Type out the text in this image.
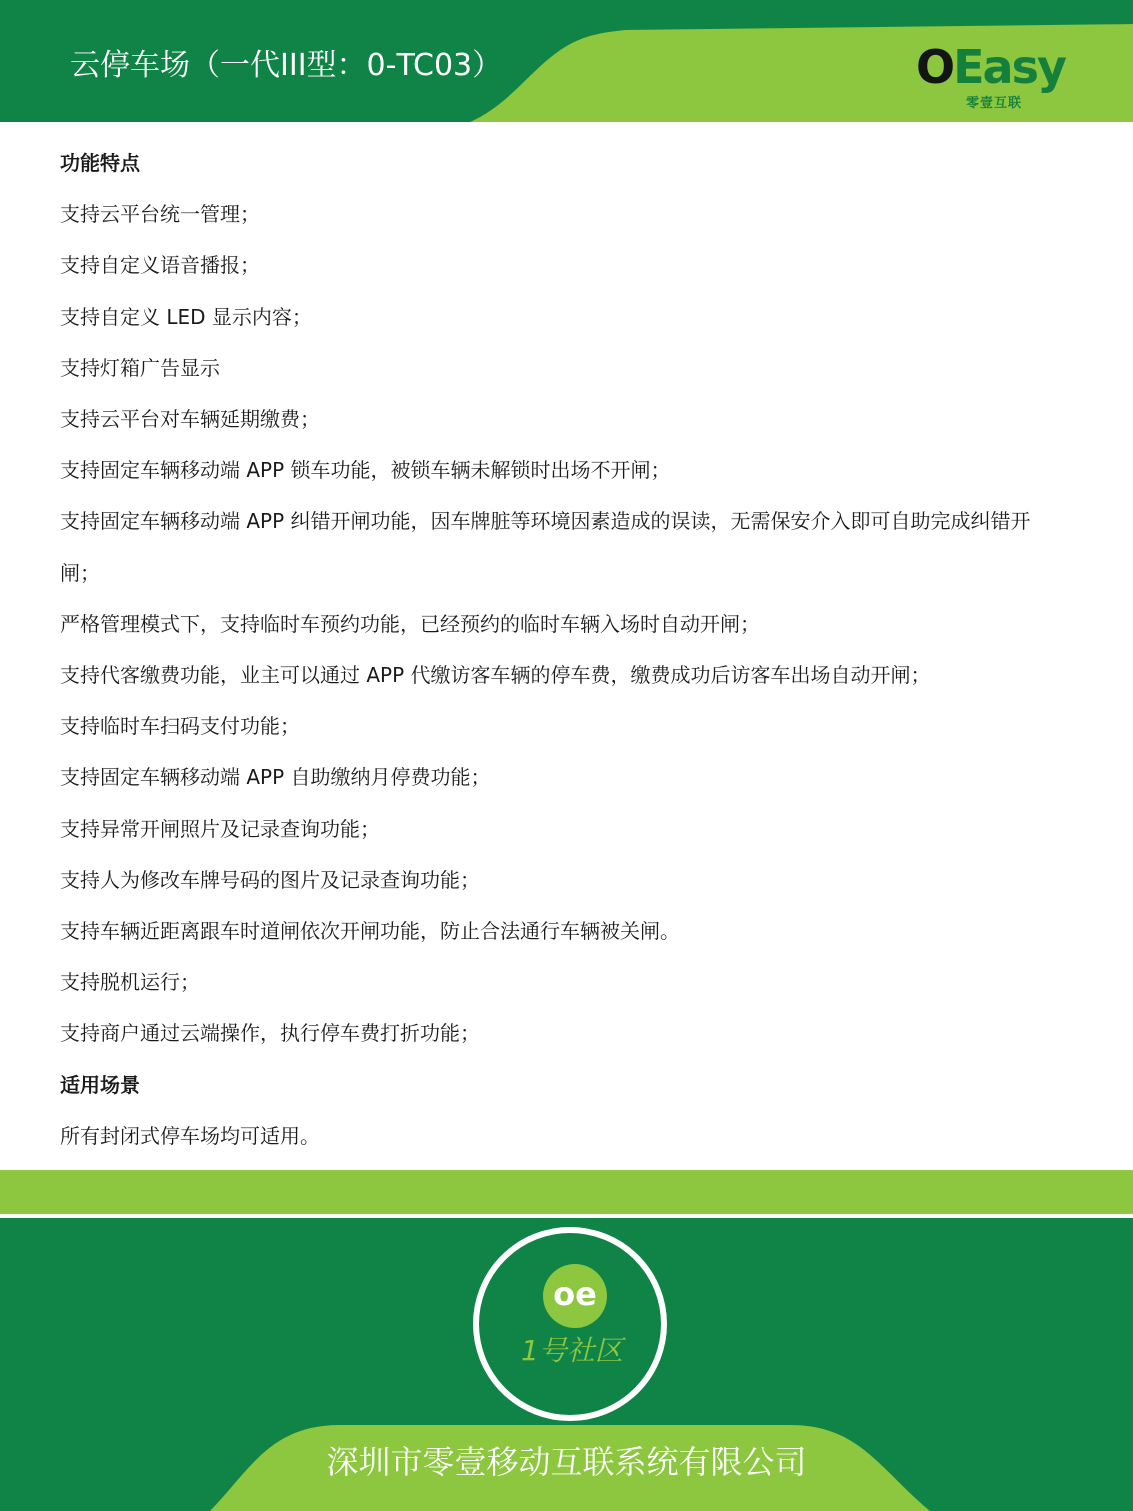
云停车场（一代III型：0-TC03）	OEasy
零壹互联
功能特点
支持云平台统一管理；
支持自定义语音播报；
支持自定义 LED 显示内容；
支持灯箱广告显示
支持云平台对车辆延期缴费；
支持固定车辆移动端 APP 锁车功能，被锁车辆未解锁时出场不开闸；
支持固定车辆移动端 APP 纠错开闸功能，因车牌脏等环境因素造成的误读，无需保安介入即可自助完成纠错开闸；
严格管理模式下，支持临时车预约功能，已经预约的临时车辆入场时自动开闸；
支持代客缴费功能，业主可以通过 APP 代缴访客车辆的停车费，缴费成功后访客车出场自动开闸；
支持临时车扫码支付功能；
支持固定车辆移动端 APP 自助缴纳月停费功能；
支持异常开闸照片及记录查询功能；
支持人为修改车牌号码的图片及记录查询功能；
支持车辆近距离跟车时道闸依次开闸功能，防止合法通行车辆被关闸。
支持脱机运行；
支持商户通过云端操作，执行停车费打折功能；
适用场景
所有封闭式停车场均可适用。
oe
1号社区
深圳市零壹移动互联系统有限公司
